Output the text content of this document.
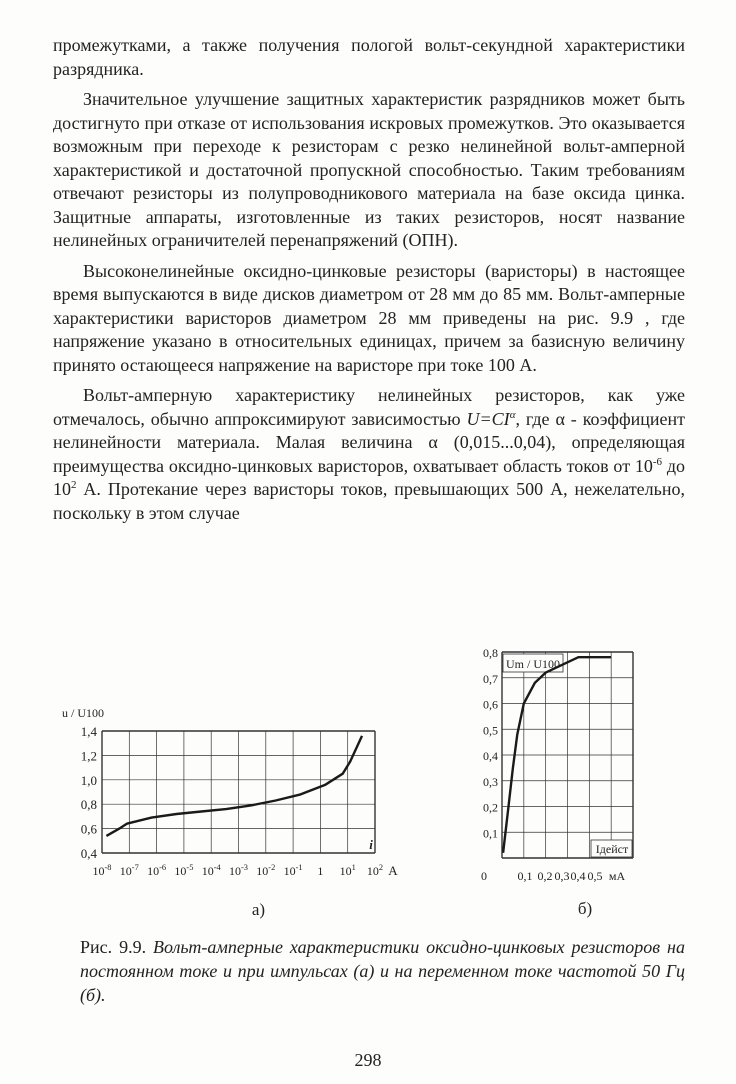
промежутками, а также получения пологой вольт-секундной характеристики разрядника.

Значительное улучшение защитных характеристик разрядников может быть достигнуто при отказе от использования искровых промежутков. Это оказывается возможным при переходе к резисторам с резко нелинейной вольт-амперной характеристикой и достаточной пропускной способностью. Таким требованиям отвечают резисторы из полупроводникового материала на базе оксида цинка. Защитные аппараты, изготовленные из таких резисторов, носят название нелинейных ограничителей перенапряжений (ОПН).

Высоконелинейные оксидно-цинковые резисторы (варисторы) в настоящее время выпускаются в виде дисков диаметром от 28 мм до 85 мм. Вольт-амперные характеристики варисторов диаметром 28 мм приведены на рис. 9.9 , где напряжение указано в относительных единицах, причем за базисную величину принято остающееся напряжение на варисторе при токе 100 А.

Вольт-амперную характеристику нелинейных резисторов, как уже отмечалось, обычно аппроксимируют зависимостью $U=CI^\alpha$, где α - коэффициент нелинейности материала. Малая величина α (0,015...0,04), определяющая преимущества оксидно-цинковых варисторов, охватывает область токов от $10^{-6}$ до $10^2$ А. Протекание через варисторы токов, превышающих 500 А, нежелательно, поскольку в этом случае

0,4
0,6
0,8
1,0
1,2
1,4
$10^{-8}$ $10^{-7}$ $10^{-6}$ $10^{-5}$ $10^{-4}$ $10^{-3}$ $10^{-2}$ $10^{-1}$ 1 $10^1$ $10^2$ А
i
u / U100
а)
0,1
0,2
0,3
0,4
0,5
0,6
0,7
0,8
0	0,1 0,2 0,3 0,4 0,5 мА
Um / U100
Iдейст
б)
Рис. 9.9. Вольт-амперные характеристики оксидно-цинковых резисторов на постоянном токе и при импульсах (а) и на переменном токе частотой 50 Гц (б).
298
